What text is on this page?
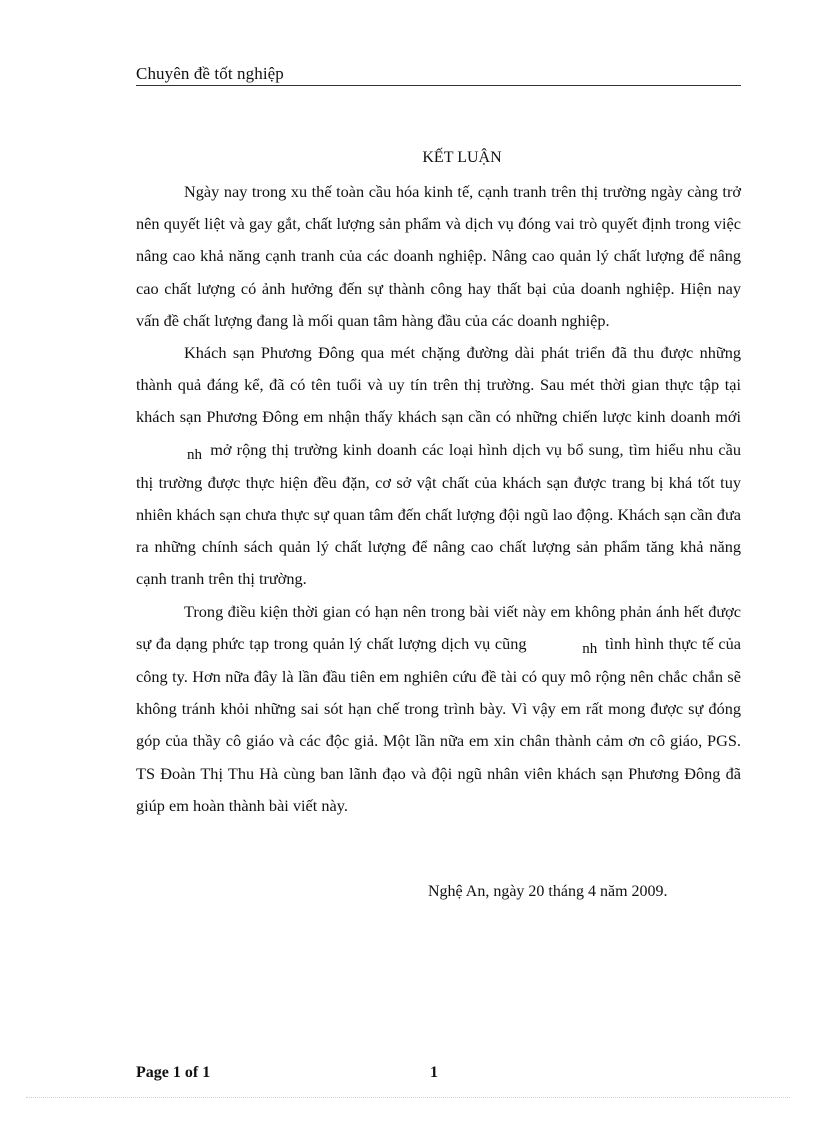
Chuyên đề tốt nghiệp
KẾT LUẬN

Ngày nay trong xu thế toàn cầu hóa kinh tế, cạnh tranh trên thị trường ngày càng trở nên quyết liệt và gay gắt, chất lượng sản phẩm và dịch vụ đóng vai trò quyết định trong việc nâng cao khả năng cạnh tranh của các doanh nghiệp. Nâng cao quản lý chất lượng để nâng cao chất lượng có ảnh hưởng đến sự thành công hay thất bại của doanh nghiệp. Hiện nay vấn đề chất lượng đang là mối quan tâm hàng đầu của các doanh nghiệp.

Khách sạn Phương Đông qua mét chặng đường dài phát triển đã thu được những thành quả đáng kể, đã có tên tuổi và uy tín trên thị trường. Sau mét thời gian thực tập tại khách sạn Phương Đông em nhận thấy khách sạn cần có những chiến lược kinh doanh mới nh mở rộng thị trường kinh doanh các loại hình dịch vụ bổ sung, tìm hiểu nhu cầu thị trường được thực hiện đều đặn, cơ sở vật chất của khách sạn được trang bị khá tốt tuy nhiên khách sạn chưa thực sự quan tâm đến chất lượng đội ngũ lao động. Khách sạn cần đưa ra những chính sách quản lý chất lượng để nâng cao chất lượng sản phẩm tăng khả năng cạnh tranh trên thị trường.

Trong điều kiện thời gian có hạn nên trong bài viết này em không phản ánh hết được sự đa dạng phức tạp trong quản lý chất lượng dịch vụ cũng	nh tình hình thực tế của công ty. Hơn nữa đây là lần đầu tiên em nghiên cứu đề tài có quy mô rộng nên chắc chắn sẽ không tránh khỏi những sai sót hạn chế trong trình bày. Vì vậy em rất mong được sự đóng góp của thầy cô giáo và các độc giả. Một lần nữa em xin chân thành cảm ơn cô giáo, PGS. TS Đoàn Thị Thu Hà cùng ban lãnh đạo và đội ngũ nhân viên khách sạn Phương Đông đã giúp em hoàn thành bài viết này.

Nghệ An, ngày 20 tháng 4 năm 2009.
Page 1 of 1	1
